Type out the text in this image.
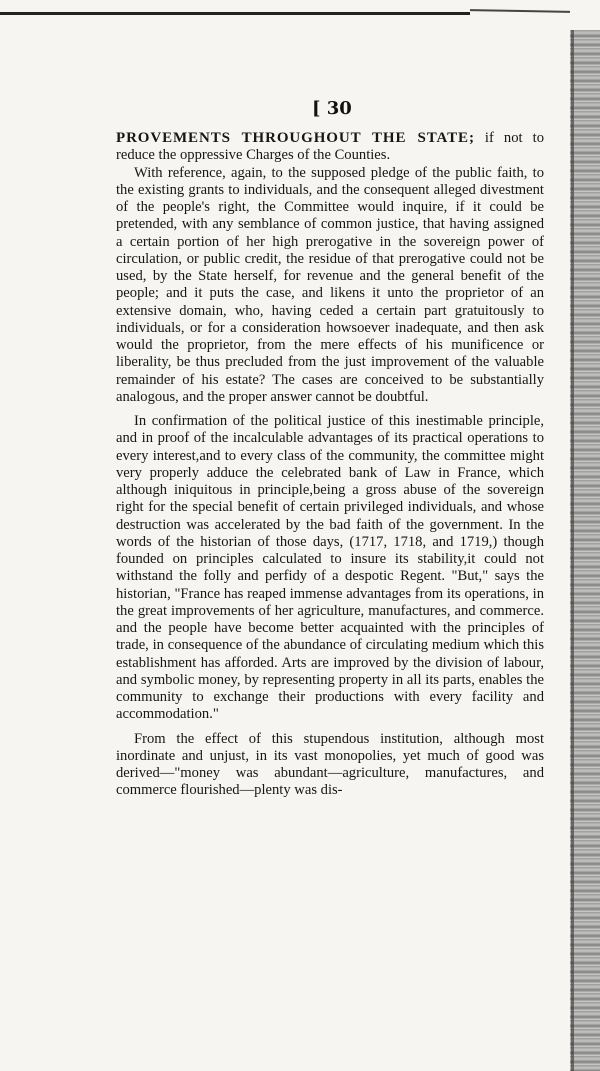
[ 30

PROVEMENTS THROUGHOUT THE STATE; if not to reduce the oppressive Charges of the Counties.

With reference, again, to the supposed pledge of the public faith, to the existing grants to individuals, and the consequent alleged divestment of the people's right, the Committee would inquire, if it could be pretended, with any semblance of common justice, that having assigned a certain portion of her high prerogative in the sovereign power of circulation, or public credit, the residue of that prerogative could not be used, by the State herself, for revenue and the general benefit of the people; and it puts the case, and likens it unto the proprietor of an extensive domain, who, having ceded a certain part gratuitously to individuals, or for a consideration howsoever inadequate, and then ask would the proprietor, from the mere effects of his munificence or liberality, be thus precluded from the just improvement of the valuable remainder of his estate? The cases are conceived to be substantially analogous, and the proper answer cannot be doubtful.

In confirmation of the political justice of this inestimable principle, and in proof of the incalculable advantages of its practical operations to every interest,and to every class of the community, the committee might very properly adduce the celebrated bank of Law in France, which although iniquitous in principle,being a gross abuse of the sovereign right for the special benefit of certain privileged individuals, and whose destruction was accelerated by the bad faith of the government. In the words of the historian of those days, (1717, 1718, and 1719,) though founded on principles calculated to insure its stability,it could not withstand the folly and perfidy of a despotic Regent. "But," says the historian, "France has reaped immense advantages from its operations, in the great improvements of her agriculture, manufactures, and commerce. and the people have become better acquainted with the principles of trade, in consequence of the abundance of circulating medium which this establishment has afforded. Arts are improved by the division of labour, and symbolic money, by representing property in all its parts, enables the community to exchange their productions with every facility and accommodation."

From the effect of this stupendous institution, although most inordinate and unjust, in its vast monopolies, yet much of good was derived—"money was abundant—agriculture, manufactures, and commerce flourished—plenty was dis-
